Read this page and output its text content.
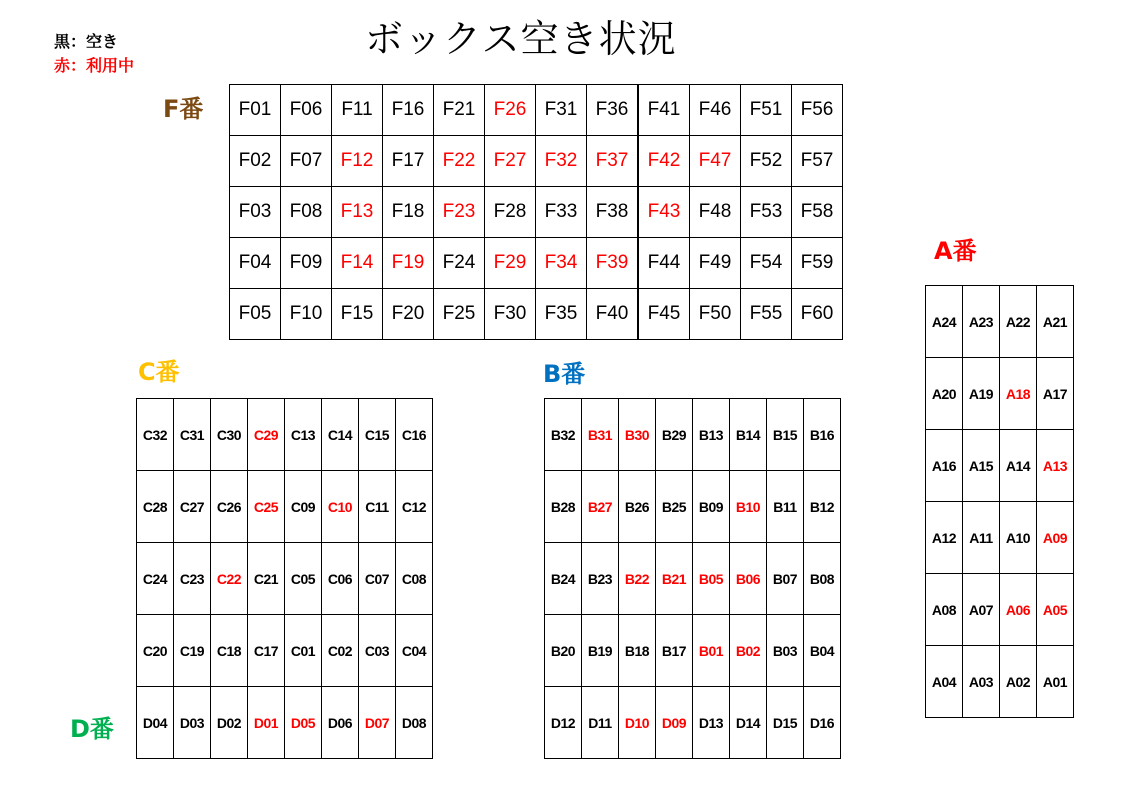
ボックス空き状況
黒：空き
赤：利用中
F番
C番	B番
D番
A番
F01	F06	F11	F16	F21	F26	F31	F36	F41	F46	F51	F56
F02	F07	F12	F17	F22	F27	F32	F37	F42	F47	F52	F57
F03	F08	F13	F18	F23	F28	F33	F38	F43	F48	F53	F58
F04	F09	F14	F19	F24	F29	F34	F39	F44	F49	F54	F59
F05	F10	F15	F20	F25	F30	F35	F40	F45	F50	F55	F60
C32	C31	C30	C29	C13	C14	C15	C16
C28	C27	C26	C25	C09	C10	C11	C12
C24	C23	C22	C21	C05	C06	C07	C08
C20	C19	C18	C17	C01	C02	C03	C04
D04	D03	D02	D01	D05	D06	D07	D08
B32	B31	B30	B29	B13	B14	B15	B16
B28	B27	B26	B25	B09	B10	B11	B12
B24	B23	B22	B21	B05	B06	B07	B08
B20	B19	B18	B17	B01	B02	B03	B04
D12	D11	D10	D09	D13	D14	D15	D16
A24	A23	A22	A21
A20	A19	A18	A17
A16	A15	A14	A13
A12	A11	A10	A09
A08	A07	A06	A05
A04	A03	A02	A01
